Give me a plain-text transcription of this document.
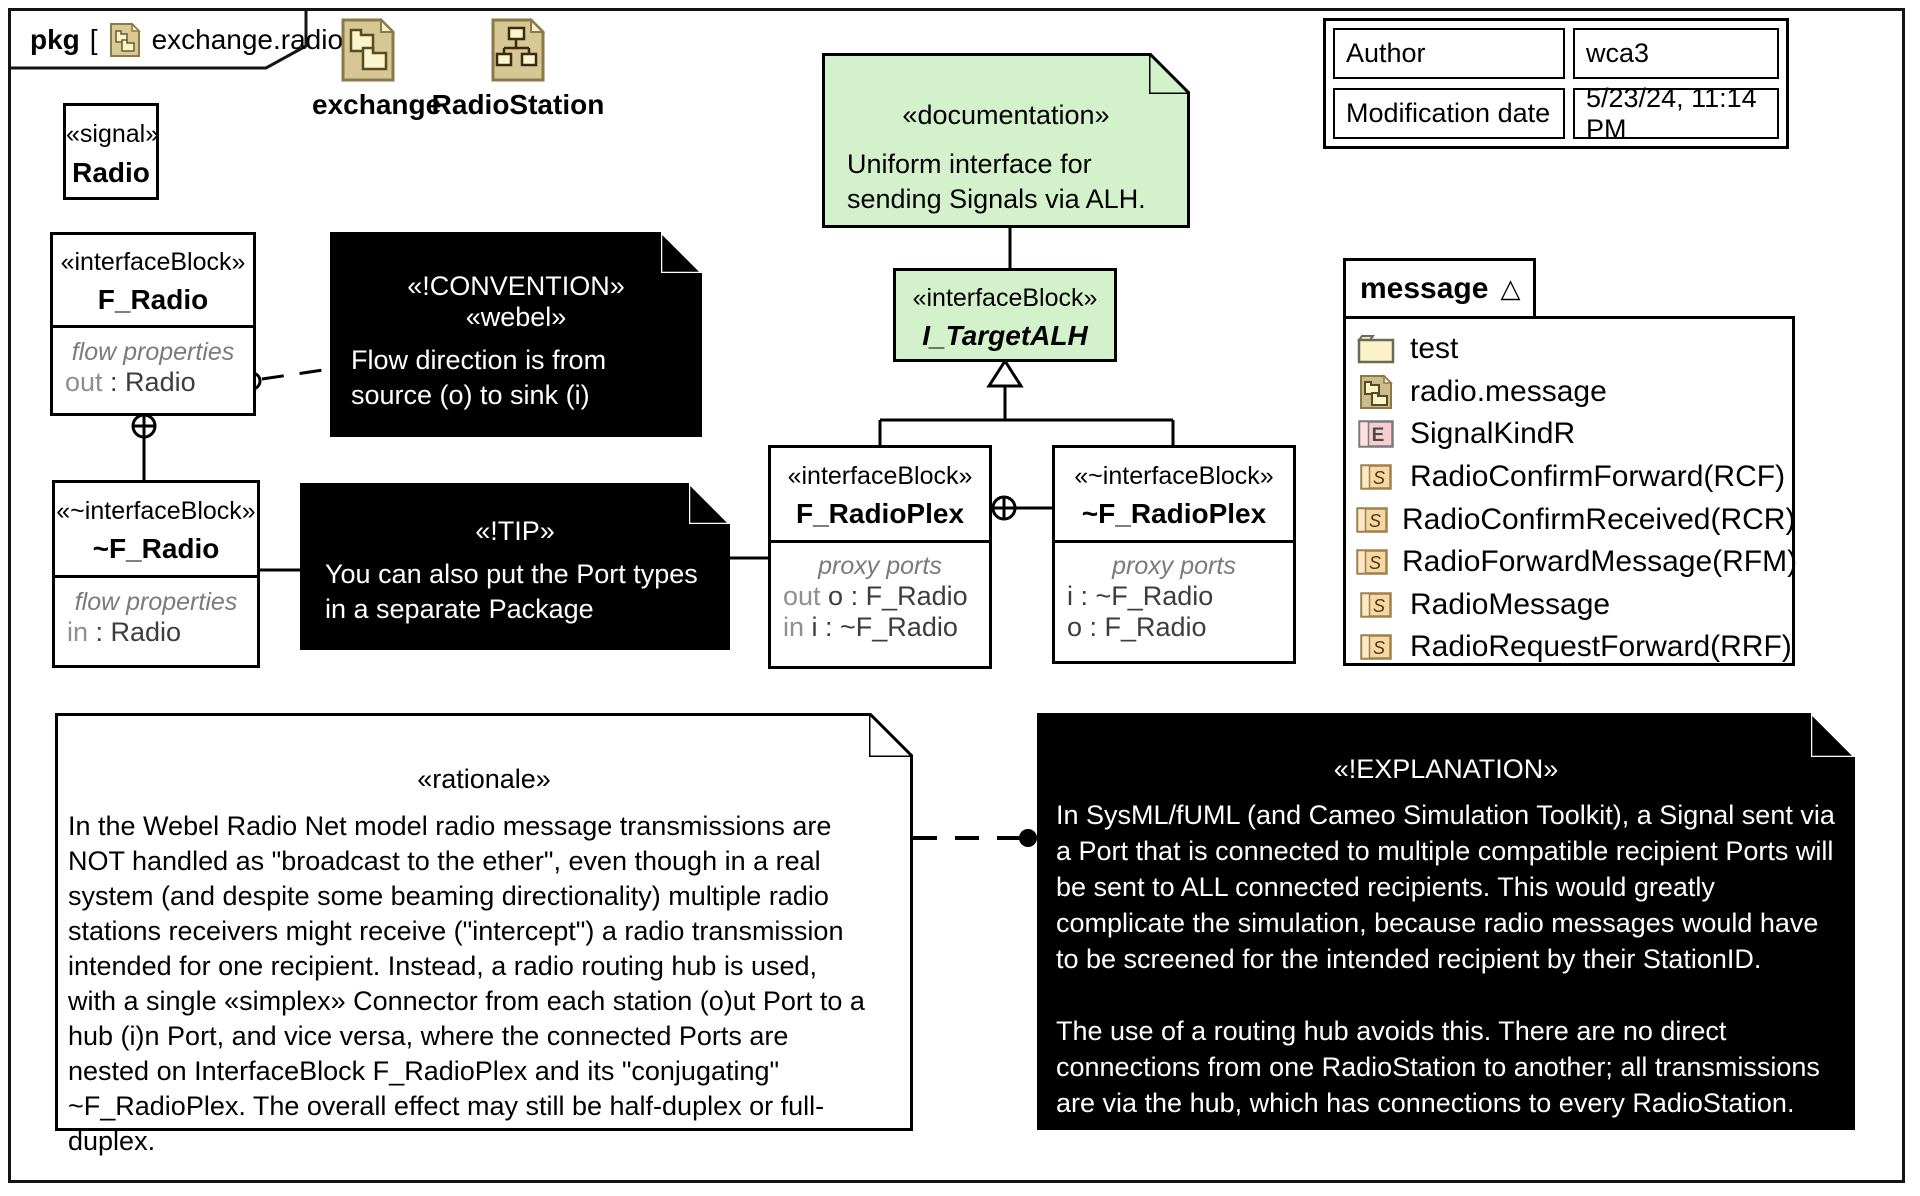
pkg [ exchange.radio
exchange
RadioStation
Author	wca3
Modification date
5/23/24, 11:14 PM
«signal»
Radio
«documentation»
Uniform interface for sending Signals via ALH.
«interfaceBlock»
F_Radio
flow properties
out : Radio
«~interfaceBlock»
~F_Radio
flow properties
in : Radio
«!CONVENTION»
«webel»
Flow direction is from source (o) to sink (i)
«!TIP»
You can also put the Port types in a separate Package
«interfaceBlock»
I_TargetALH
«interfaceBlock»
F_RadioPlex
proxy ports
out o : F_Radio
in i : ~F_Radio
«~interfaceBlock»
~F_RadioPlex
proxy ports
i : ~F_Radio
o : F_Radio
message △
test
radio.message
E SignalKindR
S RadioConfirmForward(RCF)
S RadioConfirmReceived(RCR)
S RadioForwardMessage(RFM)
S RadioMessage
S RadioRequestForward(RRF)
«rationale»
In the Webel Radio Net model radio message transmissions are NOT handled as "broadcast to the ether", even though in a real system (and despite some beaming directionality) multiple radio stations receivers might receive ("intercept") a radio transmission intended for one recipient. Instead, a radio routing hub is used, with a single «simplex» Connector from each station (o)ut Port to a hub (i)n Port, and vice versa, where the connected Ports are nested on InterfaceBlock F_RadioPlex and its "conjugating" ~F_RadioPlex. The overall effect may still be half-duplex or full-duplex.
«!EXPLANATION»
In SysML/fUML (and Cameo Simulation Toolkit), a Signal sent via a Port that is connected to multiple compatible recipient Ports will be sent to ALL connected recipients. This would greatly complicate the simulation, because radio messages would have to be screened for the intended recipient by their StationID.
The use of a routing hub avoids this. There are no direct connections from one RadioStation to another; all transmissions are via the hub, which has connections to every RadioStation.
